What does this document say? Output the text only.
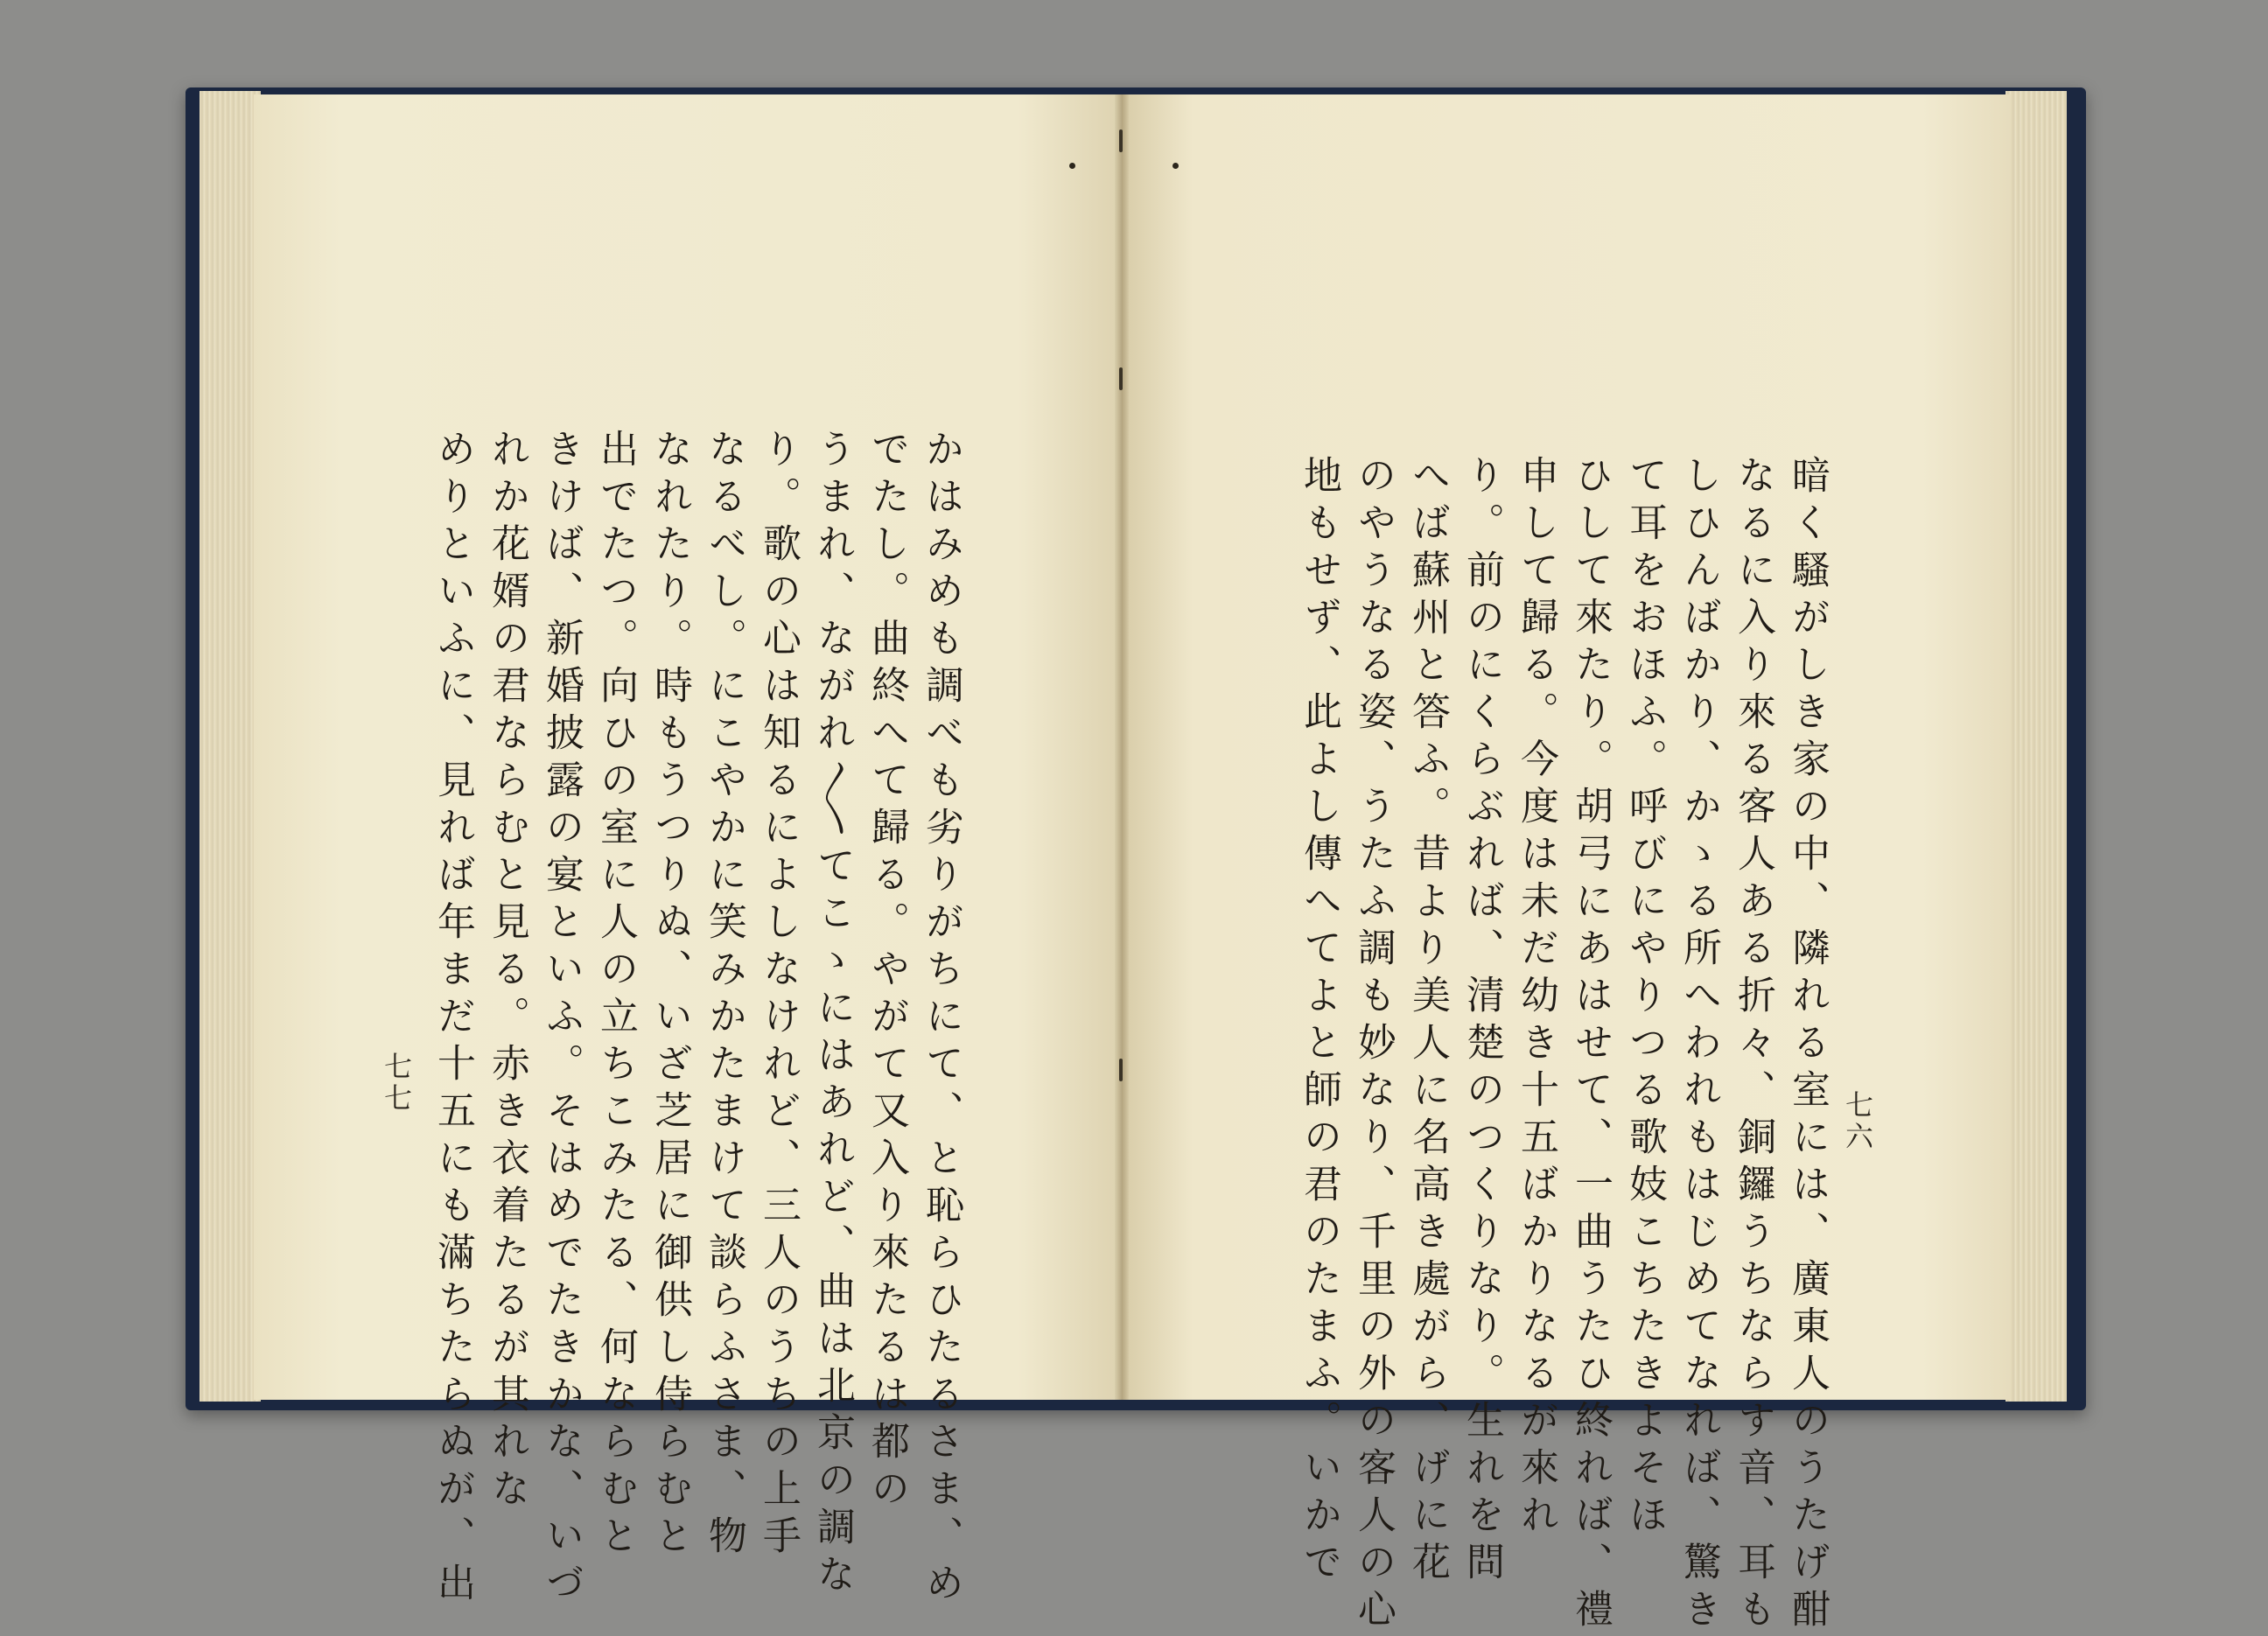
かはみめも調べも劣りがちにて、と恥らひたるさま、め
でたし。曲終へて歸る。やがて又入り來たるは都の
うまれ、ながれ〳〵てこゝにはあれど、曲は北京の調な
り。歌の心は知るによしなけれど、三人のうちの上手
なるべし。にこやかに笑みかたまけて談らふさま、物
なれたり。時もうつりぬ、いざ芝居に御供し侍らむと
出でたつ。向ひの室に人の立ちこみたる、何ならむと
きけば、新婚披露の宴といふ。そはめでたきかな、いづ
れか花婿の君ならむと見る。赤き衣着たるが其れな
めりといふに、見れば年まだ十五にも滿ちたらぬが、出
七七	暗く騷がしき家の中、隣れる室には、廣東人のうたげ酣
なるに入り來る客人ある折々、銅鑼うちならす音、耳も
しひんばかり、かゝる所へわれもはじめてなれば、驚き
て耳をおほふ。呼びにやりつる歌妓こちたきよそほ
ひして來たり。胡弓にあはせて、一曲うたひ終れば、禮
申して歸る。今度は未だ幼き十五ばかりなるが來れ
り。前のにくらぶれば、清楚のつくりなり。生れを問
へば蘇州と答ふ。昔より美人に名高き處がら、げに花
のやうなる姿、うたふ調も妙なり、千里の外の客人の心
地もせず、此よし傳へてよと師の君のたまふ。いかで	七六
